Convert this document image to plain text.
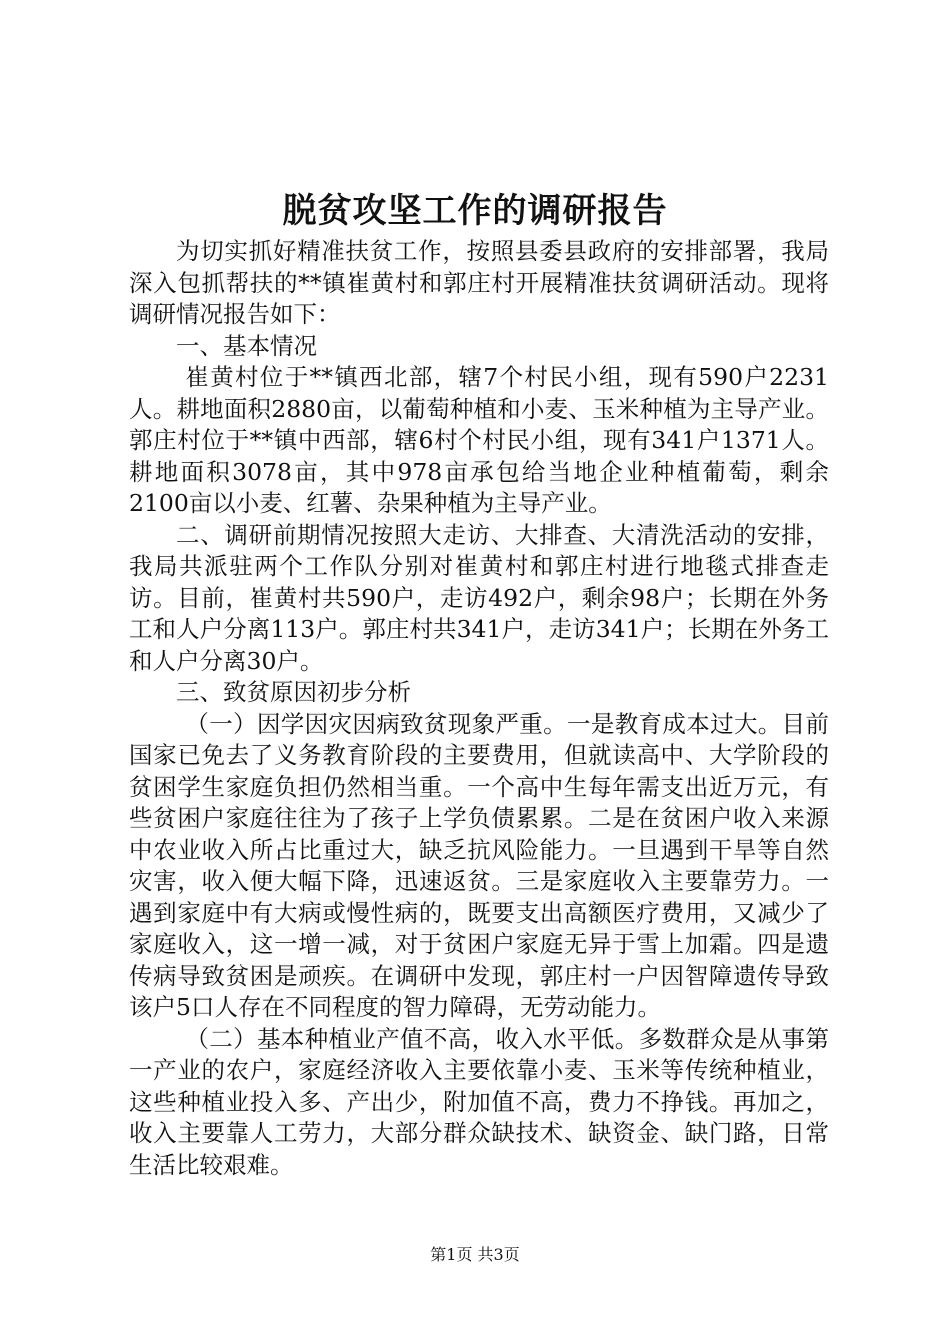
脱贫攻坚工作的调研报告

为切实抓好精准扶贫工作，按照县委县政府的安排部署，我局深入包抓帮扶的**镇崔黄村和郭庄村开展精准扶贫调研活动。现将调研情况报告如下：

一、基本情况

崔黄村位于**镇西北部，辖7个村民小组，现有590户2231人。耕地面积2880亩，以葡萄种植和小麦、玉米种植为主导产业。郭庄村位于**镇中西部，辖6村个村民小组，现有341户1371人。耕地面积3078亩，其中978亩承包给当地企业种植葡萄，剩余2100亩以小麦、红薯、杂果种植为主导产业。

二、调研前期情况按照大走访、大排查、大清洗活动的安排，我局共派驻两个工作队分别对崔黄村和郭庄村进行地毯式排查走访。目前，崔黄村共590户，走访492户，剩余98户；长期在外务工和人户分离113户。郭庄村共341户，走访341户；长期在外务工和人户分离30户。

三、致贫原因初步分析

（一）因学因灾因病致贫现象严重。一是教育成本过大。目前国家已免去了义务教育阶段的主要费用，但就读高中、大学阶段的贫困学生家庭负担仍然相当重。一个高中生每年需支出近万元，有些贫困户家庭往往为了孩子上学负债累累。二是在贫困户收入来源中农业收入所占比重过大，缺乏抗风险能力。一旦遇到干旱等自然灾害，收入便大幅下降，迅速返贫。三是家庭收入主要靠劳力。一遇到家庭中有大病或慢性病的，既要支出高额医疗费用，又减少了家庭收入，这一增一减，对于贫困户家庭无异于雪上加霜。四是遗传病导致贫困是顽疾。在调研中发现，郭庄村一户因智障遗传导致该户5口人存在不同程度的智力障碍，无劳动能力。

（二）基本种植业产值不高，收入水平低。多数群众是从事第一产业的农户，家庭经济收入主要依靠小麦、玉米等传统种植业，这些种植业投入多、产出少，附加值不高，费力不挣钱。再加之，收入主要靠人工劳力，大部分群众缺技术、缺资金、缺门路，日常生活比较艰难。

第1页 共3页
